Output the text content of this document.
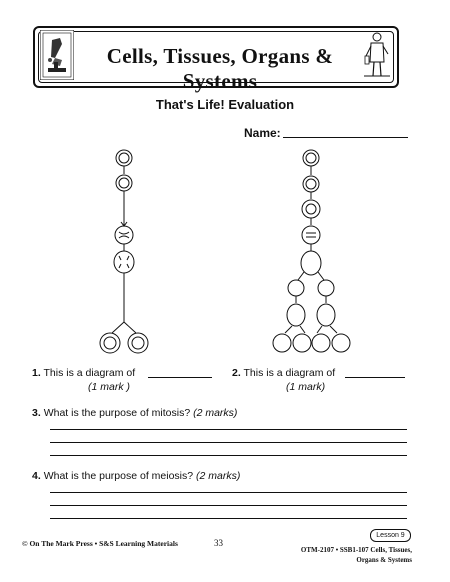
Cells, Tissues, Organs & Systems
That's Life! Evaluation
Name:
1. This is a diagram of
(1 mark )
2. This is a diagram of
(1 mark)
3. What is the purpose of mitosis? (2 marks)
4. What is the purpose of meiosis? (2 marks)
© On The Mark Press • S&S Learning Materials	33
Lesson 9
OTM-2107 • SSB1-107 Cells, Tissues,
Organs & Systems
